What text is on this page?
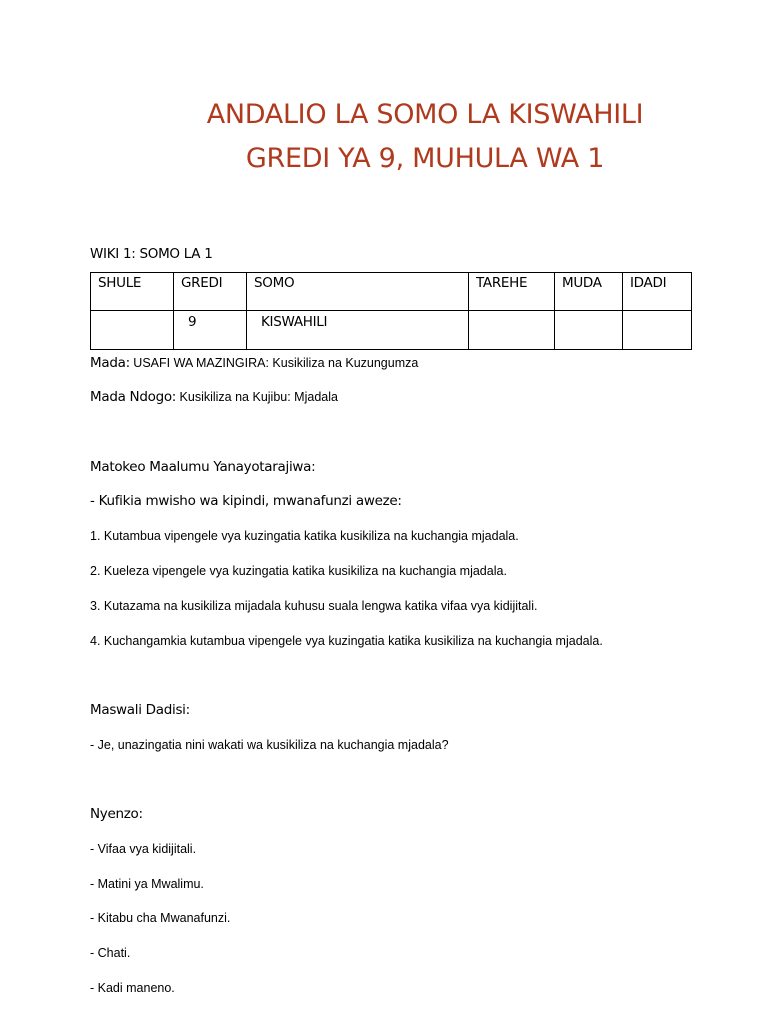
ANDALIO LA SOMO LA KISWAHILI
GREDI YA 9, MUHULA WA 1
WIKI 1: SOMO LA 1
SHULE	GREDI	SOMO	TAREHE	MUDA	IDADI
	9	KISWAHILI			
Mada: USAFI WA MAZINGIRA: Kusikiliza na Kuzungumza
Mada Ndogo: Kusikiliza na Kujibu: Mjadala
Matokeo Maalumu Yanayotarajiwa:
- Kufikia mwisho wa kipindi, mwanafunzi aweze:
1. Kutambua vipengele vya kuzingatia katika kusikiliza na kuchangia mjadala.
2. Kueleza vipengele vya kuzingatia katika kusikiliza na kuchangia mjadala.
3. Kutazama na kusikiliza mijadala kuhusu suala lengwa katika vifaa vya kidijitali.
4. Kuchangamkia kutambua vipengele vya kuzingatia katika kusikiliza na kuchangia mjadala.
Maswali Dadisi:
- Je, unazingatia nini wakati wa kusikiliza na kuchangia mjadala?
Nyenzo:
- Vifaa vya kidijitali.
- Matini ya Mwalimu.
- Kitabu cha Mwanafunzi.
- Chati.
- Kadi maneno.
